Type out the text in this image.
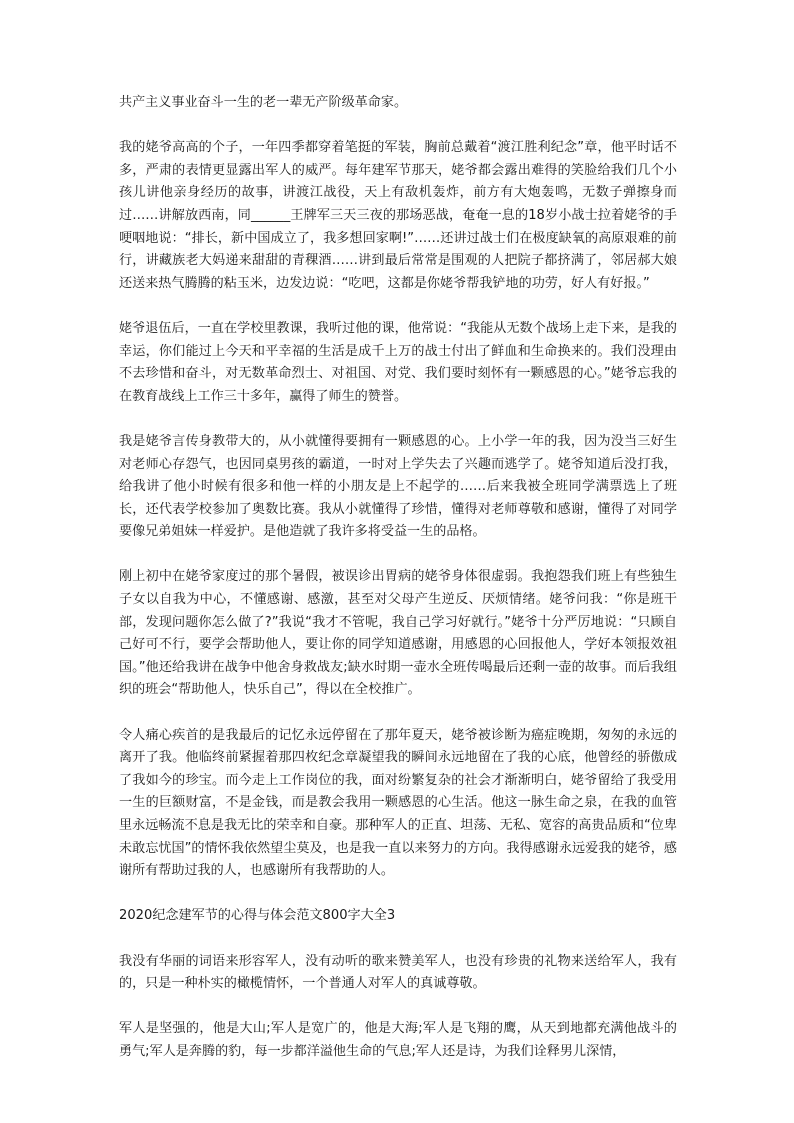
共产主义事业奋斗一生的老一辈无产阶级革命家。

我的姥爷高高的个子，一年四季都穿着笔挺的军装，胸前总戴着“渡江胜利纪念”章，他平时话不多，严肃的表情更显露出军人的威严。每年建军节那天，姥爷都会露出难得的笑脸给我们几个小孩儿讲他亲身经历的故事，讲渡江战役，天上有敌机轰炸，前方有大炮轰鸣，无数子弹擦身而过……讲解放西南，同______王牌军三天三夜的那场恶战，奄奄一息的18岁小战士拉着姥爷的手哽咽地说：“排长，新中国成立了，我多想回家啊!”……还讲过战士们在极度缺氧的高原艰难的前行，讲藏族老大妈递来甜甜的青稞酒……讲到最后常常是围观的人把院子都挤满了，邻居郝大娘还送来热气腾腾的粘玉米，边发边说：“吃吧，这都是你姥爷帮我铲地的功劳，好人有好报。”

姥爷退伍后，一直在学校里教课，我听过他的课，他常说：“我能从无数个战场上走下来，是我的幸运，你们能过上今天和平幸福的生活是成千上万的战士付出了鲜血和生命换来的。我们没理由不去珍惜和奋斗，对无数革命烈士、对祖国、对党、我们要时刻怀有一颗感恩的心。”姥爷忘我的在教育战线上工作三十多年，赢得了师生的赞誉。

我是姥爷言传身教带大的，从小就懂得要拥有一颗感恩的心。上小学一年的我，因为没当三好生对老师心存怨气，也因同桌男孩的霸道，一时对上学失去了兴趣而逃学了。姥爷知道后没打我，给我讲了他小时候有很多和他一样的小朋友是上不起学的……后来我被全班同学满票选上了班长，还代表学校参加了奥数比赛。我从小就懂得了珍惜，懂得对老师尊敬和感谢，懂得了对同学要像兄弟姐妹一样爱护。是他造就了我许多将受益一生的品格。

刚上初中在姥爷家度过的那个暑假，被误诊出胃病的姥爷身体很虚弱。我抱怨我们班上有些独生子女以自我为中心，不懂感谢、感激，甚至对父母产生逆反、厌烦情绪。姥爷问我：“你是班干部，发现问题你怎么做了?”我说“我才不管呢，我自己学习好就行。”姥爷十分严厉地说：“只顾自己好可不行，要学会帮助他人，要让你的同学知道感谢，用感恩的心回报他人，学好本领报效祖国。”他还给我讲在战争中他舍身救战友;缺水时期一壶水全班传喝最后还剩一壶的故事。而后我组织的班会“帮助他人，快乐自己”，得以在全校推广。

令人痛心疾首的是我最后的记忆永远停留在了那年夏天，姥爷被诊断为癌症晚期，匆匆的永远的离开了我。他临终前紧握着那四枚纪念章凝望我的瞬间永远地留在了我的心底，他曾经的骄傲成了我如今的珍宝。而今走上工作岗位的我，面对纷繁复杂的社会才渐渐明白，姥爷留给了我受用一生的巨额财富，不是金钱，而是教会我用一颗感恩的心生活。他这一脉生命之泉，在我的血管里永远畅流不息是我无比的荣幸和自豪。那种军人的正直、坦荡、无私、宽容的高贵品质和“位卑未敢忘忧国”的情怀我依然望尘莫及，也是我一直以来努力的方向。我得感谢永远爱我的姥爷，感谢所有帮助过我的人，也感谢所有我帮助的人。

2020纪念建军节的心得与体会范文800字大全3

我没有华丽的词语来形容军人，没有动听的歌来赞美军人，也没有珍贵的礼物来送给军人，我有的，只是一种朴实的橄榄情怀，一个普通人对军人的真诚尊敬。

军人是坚强的，他是大山;军人是宽广的，他是大海;军人是飞翔的鹰，从天到地都充满他战斗的勇气;军人是奔腾的豹，每一步都洋溢他生命的气息;军人还是诗，为我们诠释男儿深情，
